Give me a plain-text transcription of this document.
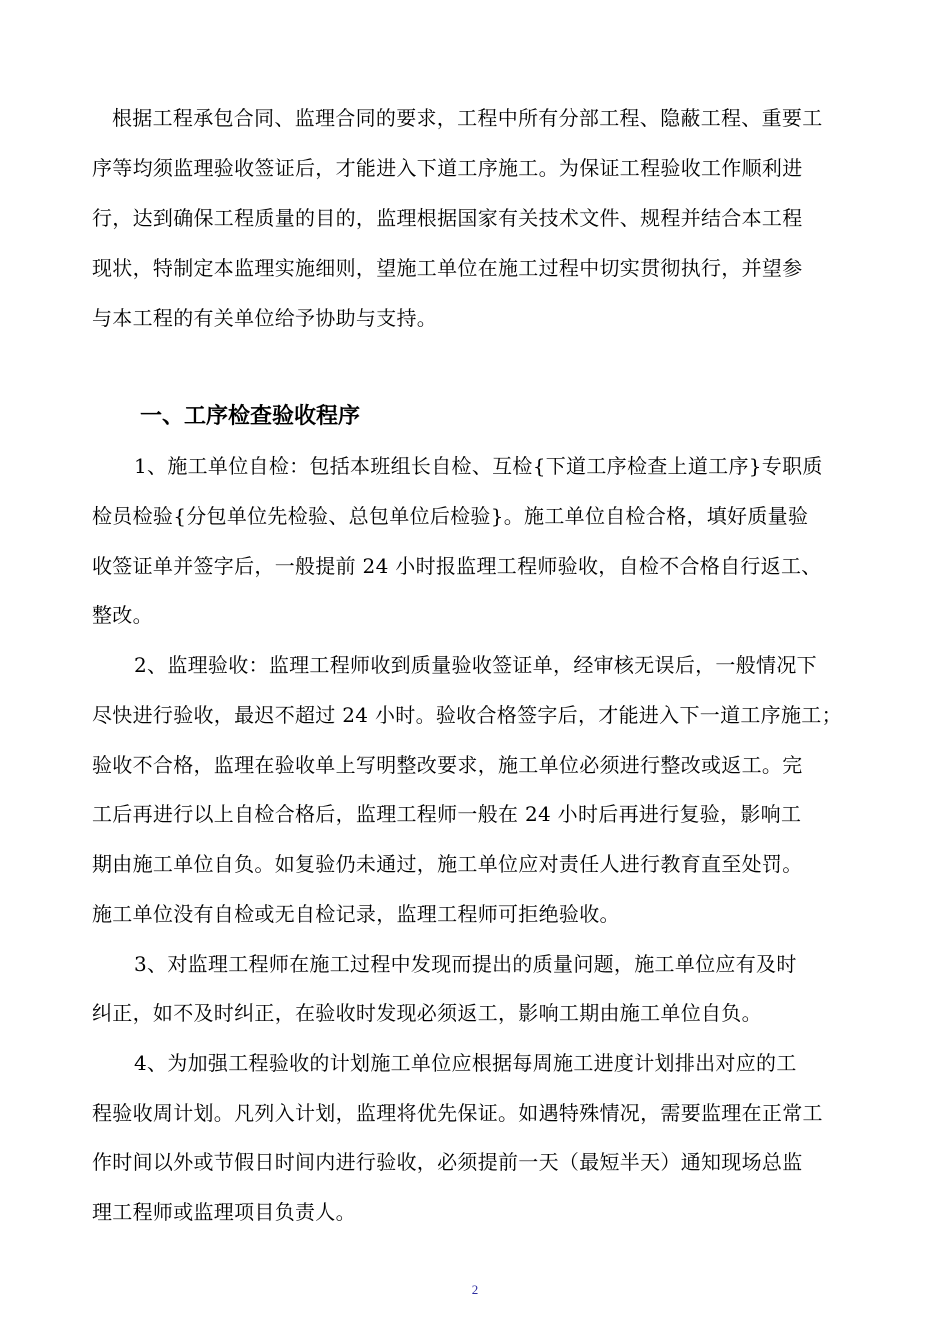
根据工程承包合同、监理合同的要求，工程中所有分部工程、隐蔽工程、重要工
序等均须监理验收签证后，才能进入下道工序施工。为保证工程验收工作顺利进
行，达到确保工程质量的目的，监理根据国家有关技术文件、规程并结合本工程
现状，特制定本监理实施细则，望施工单位在施工过程中切实贯彻执行，并望参
与本工程的有关单位给予协助与支持。
一、工序检查验收程序
1、施工单位自检：包括本班组长自检、互检{下道工序检查上道工序}专职质
检员检验{分包单位先检验、总包单位后检验}。施工单位自检合格，填好质量验
收签证单并签字后，一般提前 24 小时报监理工程师验收，自检不合格自行返工、
整改。
2、监理验收：监理工程师收到质量验收签证单，经审核无误后，一般情况下
尽快进行验收，最迟不超过 24 小时。验收合格签字后，才能进入下一道工序施工；
验收不合格，监理在验收单上写明整改要求，施工单位必须进行整改或返工。完
工后再进行以上自检合格后，监理工程师一般在 24 小时后再进行复验，影响工
期由施工单位自负。如复验仍未通过，施工单位应对责任人进行教育直至处罚。
施工单位没有自检或无自检记录，监理工程师可拒绝验收。
3、对监理工程师在施工过程中发现而提出的质量问题，施工单位应有及时
纠正，如不及时纠正，在验收时发现必须返工，影响工期由施工单位自负。
4、为加强工程验收的计划施工单位应根据每周施工进度计划排出对应的工
程验收周计划。凡列入计划，监理将优先保证。如遇特殊情况，需要监理在正常工
作时间以外或节假日时间内进行验收，必须提前一天（最短半天）通知现场总监
理工程师或监理项目负责人。
2
